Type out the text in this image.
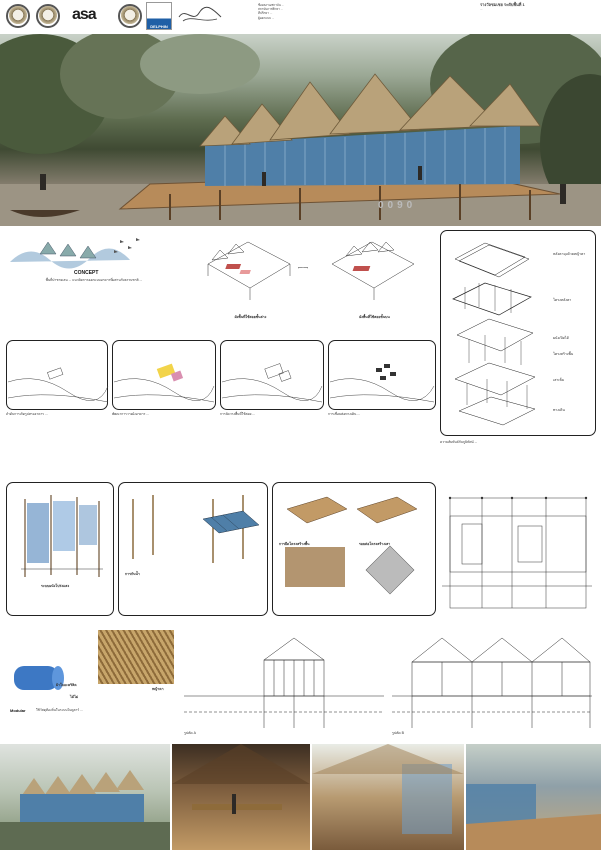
asa
DELPHIN
ชื่อผลงาน/สถาบัน ...
สถาบันการศึกษา ...
ที่ปรึกษา ...
ผู้ออกแบบ ...
รางวัลชมเชย ระดับพื้นที่ 1
...
0090
CONCEPT
พื้นที่ป่าชายเลน ... แนวคิดการออกแบบอาคารที่ผสานกับธรรมชาติ ...
ผังพื้นที่ใช้สอยชั้นล่าง
⟵⟶
ผังพื้นที่ใช้สอยชั้นบน
หลังคามุงด้วยหญ้าคา
โครงหลังคา
ผนังเปิดได้
โครงสร้างพื้น
เสาเข็ม
ทางเดิน
ลำดับการเกิดรูปทรงอาคาร ...	พัฒนาการวางผังอาคาร ...	การจัดวางพื้นที่ใช้สอย ...	การเชื่อมต่อทางเดิน ...
ความสัมพันธ์กับภูมิทัศน์ ...
ระบบผนังโปร่งแสง
การกันน้ำ
การยึดโครงสร้างพื้น	รอยต่อโครงสร้างเสา
ผ้าใบอะคริลิค
หญ้าคา
ไม้ไผ่
Modular	ใช้วัสดุท้องถิ่นในระบบโมดูลาร์ ...
รูปตัด A	รูปตัด B
